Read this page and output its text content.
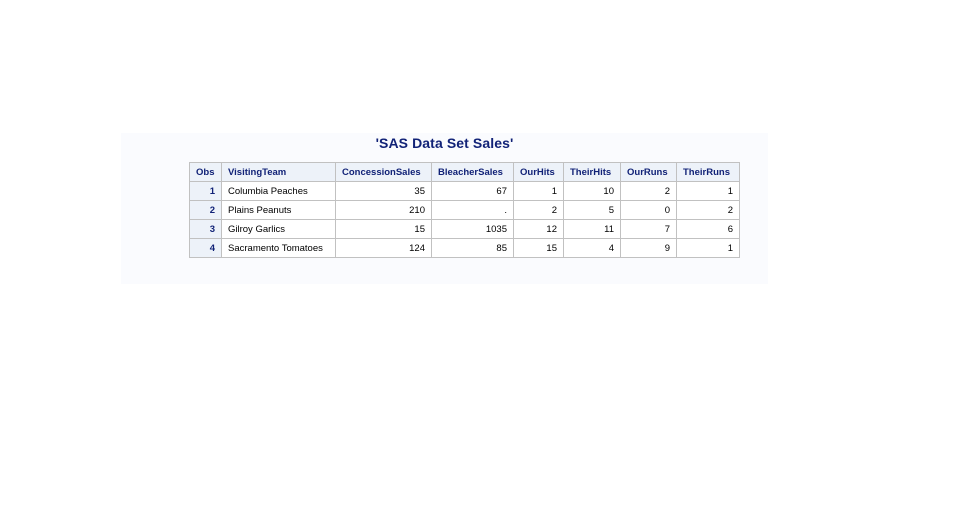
'SAS Data Set Sales'
Obs	VisitingTeam	ConcessionSales	BleacherSales	OurHits	TheirHits	OurRuns	TheirRuns
1	Columbia Peaches	35	67	1	10	2	1
2	Plains Peanuts	210	.	2	5	0	2
3	Gilroy Garlics	15	1035	12	11	7	6
4	Sacramento Tomatoes	124	85	15	4	9	1
